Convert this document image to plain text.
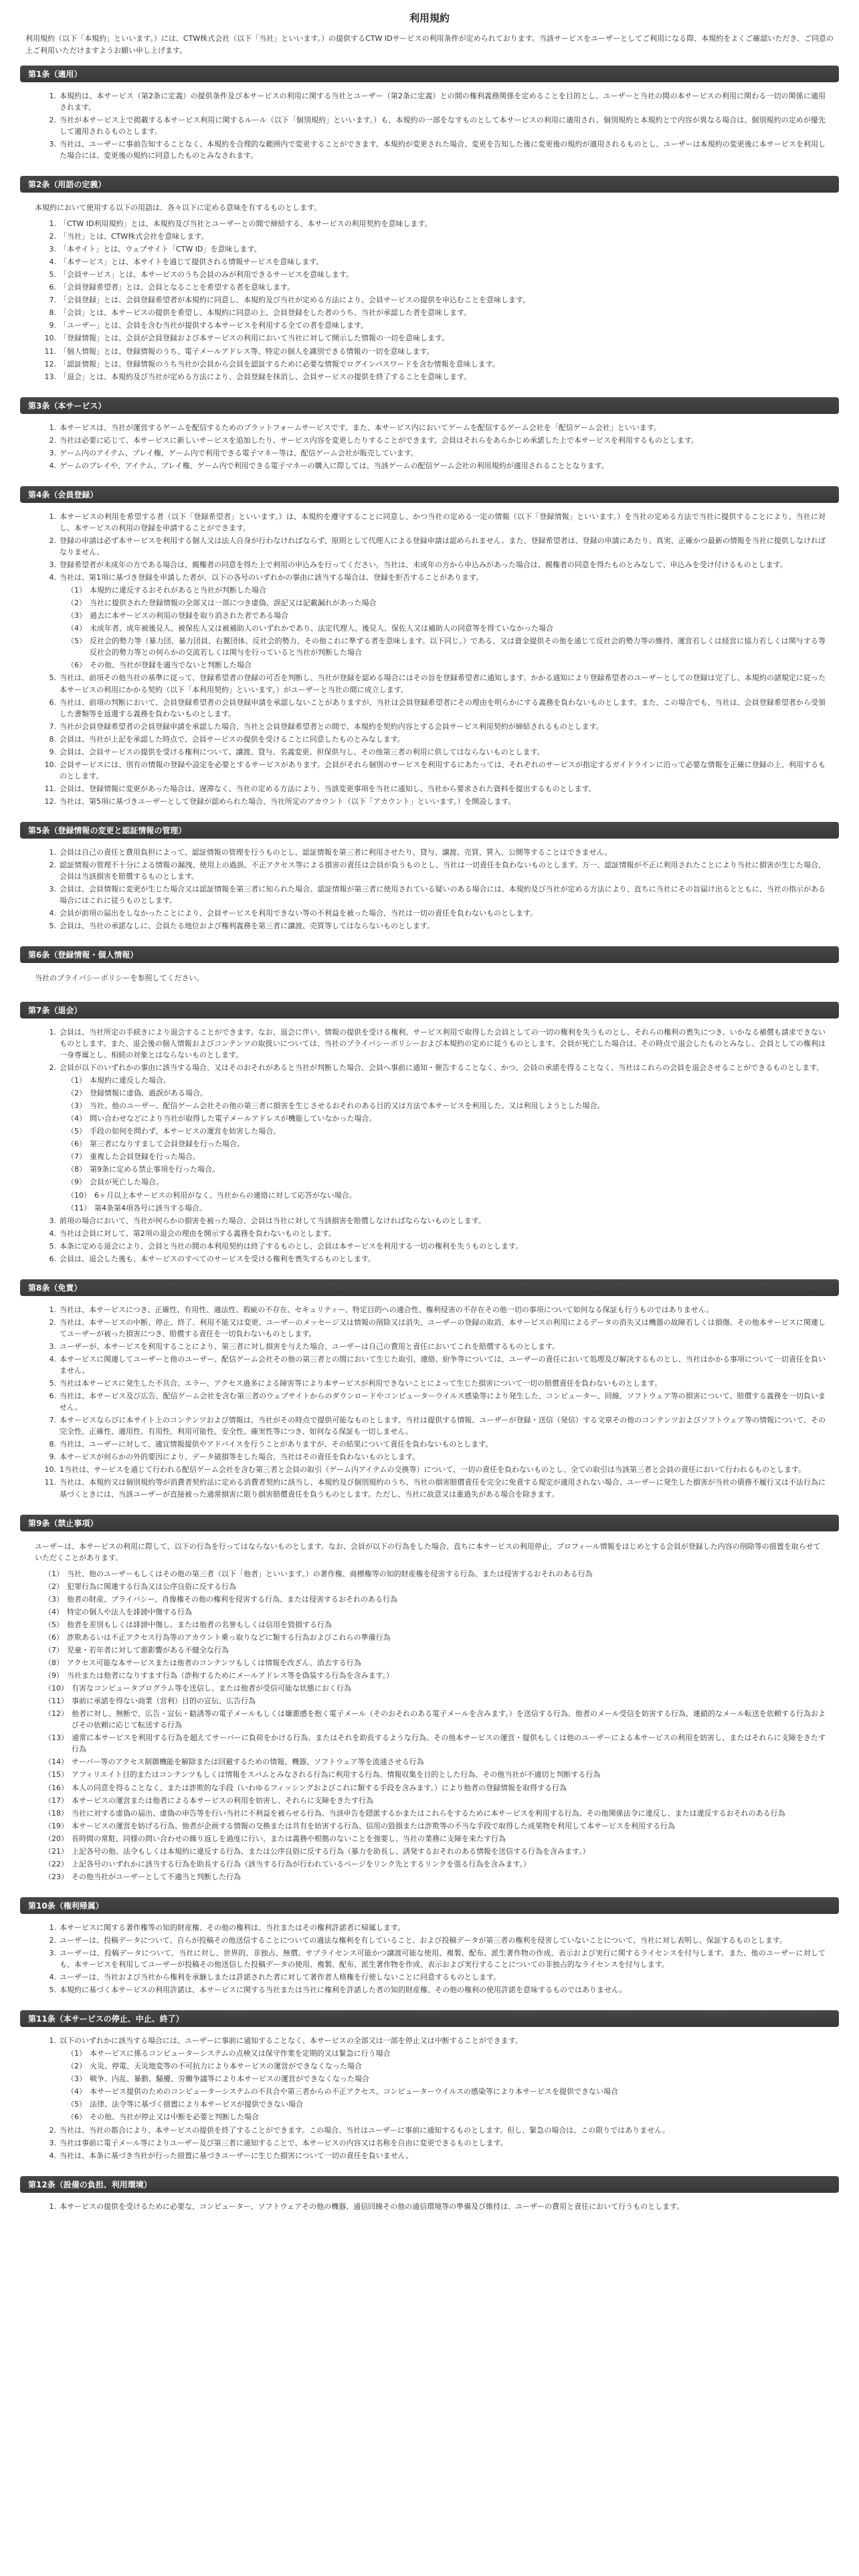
利用規約

利用規約（以下「本規約」といいます。）には、CTW株式会社（以下「当社」といいます。）の提供するCTW IDサービスの利用条件が定められております。当該サービスをユーザーとしてご利用になる際、本規約をよくご確認いただき、ご同意の上ご利用いただけますようお願い申し上げます。

第1条（適用）
1. 本規約は、本サービス（第2条に定義）の提供条件及び本サービスの利用に関する当社とユーザー（第2条に定義）との間の権利義務関係を定めることを目的とし、ユーザーと当社の間の本サービスの利用に関わる一切の関係に適用されます。
2. 当社が本サービス上で掲載する本サービス利用に関するルール（以下「個別規約」といいます。）も、本規約の一部をなすものとして本サービスの利用に適用され、個別規約と本規約とで内容が異なる場合は、個別規約の定めが優先して適用されるものとします。
3. 当社は、ユーザーに事前告知することなく、本規約を合理的な範囲内で変更することができます。本規約が変更された場合、変更を告知した後に変更後の規約が適用されるものとし、ユーザーは本規約の変更後に本サービスを利用した場合には、変更後の規約に同意したものとみなされます。
第2条（用語の定義）

本規約において使用する以下の用語は、各々以下に定める意味を有するものとします。

1. 「CTW ID利用規約」とは、本規約及び当社とユーザーとの間で締結する、本サービスの利用契約を意味します。
2. 「当社」とは、CTW株式会社を意味します。
3. 「本サイト」とは、ウェブサイト「CTW ID」を意味します。
4. 「本サービス」とは、本サイトを通じて提供される情報サービスを意味します。
5. 「会員サービス」とは、本サービスのうち会員のみが利用できるサービスを意味します。
6. 「会員登録希望者」とは、会員となることを希望する者を意味します。
7. 「会員登録」とは、会員登録希望者が本規約に同意し、本規約及び当社が定める方法により、会員サービスの提供を申込むことを意味します。
8. 「会員」とは、本サービスの提供を希望し、本規約に同意の上、会員登録をした者のうち、当社が承認した者を意味します。
9. 「ユーザー」とは、会員を含む当社が提供する本サービスを利用する全ての者を意味します。
10. 「登録情報」とは、会員が会員登録および本サービスの利用において当社に対して開示した情報の一切を意味します。
11. 「個人情報」とは、登録情報のうち、電子メールアドレス等、特定の個人を識別できる情報の一切を意味します。
12. 「認証情報」とは、登録情報のうち当社が会員から会員を認証するために必要な情報でログインパスワードを含む情報を意味します。
13. 「退会」とは、本規約及び当社が定める方法により、会員登録を抹消し、会員サービスの提供を終了することを意味します。
第3条（本サービス）
1. 本サービスは、当社が運営するゲームを配信するためのプラットフォームサービスです。また、本サービス内においてゲームを配信するゲーム会社を「配信ゲーム会社」といいます。
2. 当社は必要に応じて、本サービスに新しいサービスを追加したり、サービス内容を変更したりすることができます。会員はそれらをあらかじめ承諾した上で本サービスを利用するものとします。
3. ゲーム内のアイテム、プレイ権、ゲーム内で利用できる電子マネー等は、配信ゲーム会社が販売しています。
4. ゲームのプレイや、アイテム、プレイ権、ゲーム内で利用できる電子マネーの購入に際しては、当該ゲームの配信ゲーム会社の利用規約が適用されることとなります。
第4条（会員登録）
1. 本サービスの利用を希望する者（以下「登録希望者」といいます。）は、本規約を遵守することに同意し、かつ当社の定める一定の情報（以下「登録情報」といいます。）を当社の定める方法で当社に提供することにより、当社に対し、本サービスの利用の登録を申請することができます。
2. 登録の申請は必ず本サービスを利用する個人又は法人自身が行わなければならず、原則として代理人による登録申請は認められません。また、登録希望者は、登録の申請にあたり、真実、正確かつ最新の情報を当社に提供しなければなりません。
3. 登録希望者が未成年の方である場合は、親権者の同意を得た上で利用の申込みを行ってください。当社は、未成年の方から申込みがあった場合は、親権者の同意を得たものとみなして、申込みを受け付けるものとします。
4. 当社は、第1項に基づき登録を申請した者が、以下の各号のいずれかの事由に該当する場合は、登録を拒否することがあります。
（1） 本規約に違反するおそれがあると当社が判断した場合
（2） 当社に提供された登録情報の全部又は一部につき虚偽、誤記又は記載漏れがあった場合
（3） 過去に本サービスの利用の登録を取り消された者である場合
（4） 未成年者、成年被後見人、被保佐人又は被補助人のいずれかであり、法定代理人、後見人、保佐人又は補助人の同意等を得ていなかった場合
（5） 反社会的勢力等（暴力団、暴力団員、右翼団体、反社会的勢力、その他これに準ずる者を意味します。以下同じ。）である、又は資金提供その他を通じて反社会的勢力等の維持、運営若しくは経営に協力若しくは関与する等反社会的勢力等との何らかの交流若しくは関与を行っていると当社が判断した場合
（6） その他、当社が登録を適当でないと判断した場合
5. 当社は、前項その他当社の基準に従って、登録希望者の登録の可否を判断し、当社が登録を認める場合にはその旨を登録希望者に通知します。かかる通知により登録希望者のユーザーとしての登録は完了し、本規約の諸規定に従った本サービスの利用にかかる契約（以下「本利用契約」といいます。）がユーザーと当社の間に成立します。
6. 当社は、前項の判断において、会員登録希望者の会員登録申請を承認しないことがありますが、当社は会員登録希望者にその理由を明らかにする義務を負わないものとします。また、この場合でも、当社は、会員登録希望者から受領した書類等を返還する義務を負わないものとします。
7. 当社が会員登録希望者の会員登録申請を承認した場合、当社と会員登録希望者との間で、本規約を契約内容とする会員サービス利用契約が締結されるものとします。
8. 会員は、当社が上記を承認した時点で、会員サービスの提供を受けることに同意したものとみなします。
9. 会員は、会員サービスの提供を受ける権利について、譲渡、貸与、名義変更、担保供与し、その他第三者の利用に供してはならないものとします。
10. 会員サービスには、別有の情報の登録や設定を必要とするサービスがあります。会員がそれら個別のサービスを利用するにあたっては、それぞれのサービスが指定するガイドラインに沿って必要な情報を正確に登録の上、利用するものとします。
11. 会員は、登録情報に変更があった場合は、遅滞なく、当社の定める方法により、当該変更事項を当社に通知し、当社から要求された資料を提出するものとします。
12. 当社は、第5項に基づきユーザーとして登録が認められた場合、当社所定のアカウント（以下「アカウント」といいます。）を開設します。
第5条（登録情報の変更と認証情報の管理）
1. 会員は自己の責任と費用負担によって、認証情報の管理を行うものとし、認証情報を第三者に利用させたり、貸与、譲渡、売買、質入、公開等することはできません。
2. 認証情報の管理不十分による情報の漏洩、使用上の過誤、不正アクセス等による損害の責任は会員が負うものとし、当社は一切責任を負わないものとします。万一、認証情報が不正に利用されたことにより当社に損害が生じた場合、会員は当該損害を賠償するものとします。
3. 会員は、会員情報に変更が生じた場合又は認証情報を第三者に知られた場合、認証情報が第三者に使用されている疑いのある場合には、本規約及び当社が定める方法により、直ちに当社にその旨届け出るとともに、当社の指示がある場合にはこれに従うものとします。
4. 会員が前項の届出をしなかったことにより、会員サービスを利用できない等の不利益を被った場合、当社は一切の責任を負わないものとします。
5. 会員は、当社の承諾なしに、会員たる地位および権利義務を第三者に譲渡、売買等してはならないものとします。
第6条（登録情報・個人情報）

当社のプライバシーポリシーを参照してください。

第7条（退会）
1. 会員は、当社所定の手続きにより退会することができます。なお、退会に伴い、情報の提供を受ける権利、サービス利用で取得した会員としての一切の権利を失うものとし、それらの権利の喪失につき、いかなる補償も請求できないものとします。また、退会後の個人情報およびコンテンツの取扱いについては、当社のプライバシーポリシーおよび本規約の定めに従うものとします。会員が死亡した場合は、その時点で退会したものとみなし、会員としての権利は一身専属とし、相続の対象とはならないものとします。
2. 会員が以下のいずれかの事由に該当する場合、又はそのおそれがあると当社が判断した場合、会員へ事前に通知・催告することなく、かつ、会員の承諾を得ることなく、当社はこれらの会員を退会させることができるものとします。
（1） 本規約に違反した場合。
（2） 登録情報に虚偽、過誤がある場合。
（3） 当社、他のユーザー、配信ゲーム会社その他の第三者に損害を生じさせるおそれのある目的又は方法で本サービスを利用した、又は利用しようとした場合。
（4） 問い合わせなどにより当社が取得した電子メールアドレスが機能していなかった場合。
（5） 手段の如何を問わず、本サービスの運営を妨害した場合。
（6） 第三者になりすまして会員登録を行った場合。
（7） 重複した会員登録を行った場合。
（8） 第9条に定める禁止事項を行った場合。
（9） 会員が死亡した場合。
（10） 6ヶ月以上本サービスの利用がなく、当社からの連絡に対して応答がない場合。
（11） 第4条第4項各号に該当する場合。
3. 前項の場合において、当社が何らかの損害を被った場合、会員は当社に対して当該損害を賠償しなければならないものとします。
4. 当社は会員に対して、第2項の退会の理由を開示する義務を負わないものとします。
5. 本条に定める退会により、会員と当社の間の本利用契約は終了するものとし、会員は本サービスを利用する一切の権利を失うものとします。
6. 会員は、退会した後も、本サービスのすべてのサービスを受ける権利を喪失するものとします。
第8条（免責）
1. 当社は、本サービスにつき、正確性、有用性、適法性、瑕疵の不存在、セキュリティー、特定目的への適合性、権利侵害の不存在その他一切の事項について如何なる保証も行うものではありません。
2. 当社は、本サービスの中断、停止、終了、利用不能又は変更、ユーザーのメッセージ又は情報の削除又は消失、ユーザーの登録の取消、本サービスの利用によるデータの消失又は機器の故障若しくは損傷、その他本サービスに関連してユーザーが被った損害につき、賠償する責任を一切負わないものとします。
3. ユーザーが、本サービスを利用することにより、第三者に対し損害を与えた場合、ユーザーは自己の費用と責任においてこれを賠償するものとします。
4. 本サービスに関連してユーザーと他のユーザー、配信ゲーム会社その他の第三者との間において生じた取引、連絡、紛争等については、ユーザーの責任において処理及び解決するものとし、当社はかかる事項について一切責任を負いません。
5. 当社は本サービスに発生した不具合、エラー、アクセス過多による障害等により本サービスが利用できないことによって生じた損害について一切の賠償責任を負わないものとします。
6. 当社は、本サービス及び広告、配信ゲーム会社を含む第三者のウェブサイトからのダウンロードやコンピューターウイルス感染等により発生した、コンピューター、回線、ソフトウェア等の損害について、賠償する義務を一切負いません。
7. 本サービスならびに本サイト上のコンテンツおよび情報は、当社がその時点で提供可能なものとします。当社は提供する情報、ユーザーが登録・送信（発信）する文章その他のコンテンツおよびソフトウェア等の情報について、その完全性、正確性、適用性、有用性、利用可能性、安全性、確実性等につき、如何なる保証も一切しません。
8. 当社は、ユーザーに対して、適宜情報提供やアドバイスを行うことがありますが、その結果について責任を負わないものとします。
9. 本サービスが何らかの外的要因により、データ破損等をした場合、当社はその責任を負わないものとします。
10. 1当社は、サービスを通じて行われる配信ゲーム会社を含む第三者と会員の取引（ゲーム内アイテムの交換等）について、一切の責任を負わないものとし、全ての取引は当該第三者と会員の責任において行われるものとします。
11. 当社は、本規約又は個別規約等が消費者契約法に定める消費者契約に該当し、本規約及び個別規約のうち、当社の損害賠償責任を完全に免責する規定が適用されない場合、ユーザーに発生した損害が当社の債務不履行又は不法行為に基づくときには、当該ユーザーが直接被った通常損害に限り損害賠償責任を負うものとします。ただし、当社に故意又は重過失がある場合を除きます。
第9条（禁止事項）

ユーザーは、本サービスの利用に際して、以下の行為を行ってはならないものとします。なお、会員が以下の行為をした場合、直ちに本サービスの利用停止、プロフィール情報をはじめとする会員が登録した内容の削除等の措置を取らせていただくことがあります。

（1） 当社、他のユーザーもしくはその他の第三者（以下「他者」といいます。）の著作権、商標権等の知的財産権を侵害する行為、または侵害するおそれのある行為
（2） 犯罪行為に関連する行為又は公序良俗に反する行為
（3） 他者の財産、プライバシー、肖像権その他の権利を侵害する行為、または侵害するおそれのある行為
（4） 特定の個人や法人を誹謗中傷する行為
（5） 他者を差別もしくは誹謗中傷し、または他者の名誉もしくは信用を毀損する行為
（6） 詐欺あるいは不正アクセス行為等のアカウント乗っ取りなどに類する行為およびこれらの準備行為
（7） 児童・若年者に対して悪影響がある不健全な行為
（8） アクセス可能な本サービスまたは他者のコンテンツもしくは情報を改ざん、消去する行為
（9） 当社または他者になりすます行為（詐称するためにメールアドレス等を偽装する行為を含みます。）
（10） 有害なコンピュータプログラム等を送信し、または他者が受信可能な状態におく行為
（11） 事前に承諾を得ない商業（営利）目的の宣伝、広告行為
（12） 他者に対し、無断で、広告・宣伝・勧誘等の電子メールもしくは嫌悪感を抱く電子メール（そのおそれのある電子メールを含みます。）を送信する行為、他者のメール受信を妨害する行為、連鎖的なメール転送を依頼する行為およびその依頼に応じて転送する行為
（13） 通常に本サービスを利用する行為を超えてサーバーに負荷をかける行為、またはそれを助長するような行為、その他本サービスの運営・提供もしくは他のユーザーによる本サービスの利用を妨害し、またはそれらに支障をきたす行為
（14） サーバー等のアクセス制御機能を解除または回避するための情報、機器、ソフトウェア等を流通させる行為
（15） アフィリエイト目的またはコンテンツもしくは情報をスパムとみなされる行為に利用する行為、情報収集を目的とした行為、その他当社が不適切と判断する行為
（16） 本人の同意を得ることなく、または詐欺的な手段（いわゆるフィッシングおよびこれに類する手段を含みます。）により他者の登録情報を取得する行為
（17） 本サービスの運営または他者による本サービスの利用を妨害し、それらに支障をきたす行為
（18） 当社に対する虚偽の届出、虚偽の申告等を行い当社に不利益を被らせる行為、当該申告を隠匿するかまたはこれらをするために本サービスを利用する行為、その他関係法令に違反し、または違反するおそれのある行為
（19） 本サービスの運営を妨げる行為、他者が企画する情報の交換または共有を妨害する行為、信用の毀損または詐欺等の不当な手段で取得した成果物を利用して本サービスを利用する行為
（20） 長時間の常駐、同様の問い合わせの繰り返しを過度に行い、または義務や根拠のないことを強要し、当社の業務に支障を来たす行為
（21） 上記各号の他、法令もしくは本規約に違反する行為、または公序良俗に反する行為（暴力を助長し、誘発するおそれのある情報を送信する行為を含みます。）
（22） 上記各号のいずれかに該当する行為を助長する行為（該当する行為が行われているページをリンク先とするリンクを張る行為を含みます。）
（23） その他当社がユーザーとして不適当と判断した行為
第10条（権利帰属）
1. 本サービスに関する著作権等の知的財産権、その他の権利は、当社またはその権利許諾者に帰属します。
2. ユーザーは、投稿データについて、自らが投稿その他送信することについての適法な権利を有していること、および投稿データが第三者の権利を侵害していないことについて、当社に対し表明し、保証するものとします。
3. ユーザーは、投稿データについて、当社に対し、世界的、非独占、無償、サブライセンス可能かつ譲渡可能な使用、複製、配布、派生著作物の作成、表示および実行に関するライセンスを付与します。また、他のユーザーに対しても、本サービスを利用してユーザーが投稿その他送信した投稿データの使用、複製、配布、派生著作物を作成、表示および実行することについての非独占的なライセンスを付与します。
4. ユーザーは、当社および当社から権利を承継しまたは許諾された者に対して著作者人格権を行使しないことに同意するものとします。
5. 本規約に基づく本サービスの利用許諾は、本サービスに関する当社または当社に権利を許諾した者の知的財産権、その他の権利の使用許諾を意味するものではありません。
第11条（本サービスの停止、中止、終了）
1. 以下のいずれかに該当する場合には、ユーザーに事前に通知することなく、本サービスの全部又は一部を停止又は中断することができます。
（1） 本サービスに係るコンピューターシステムの点検又は保守作業を定期的又は緊急に行う場合
（2） 火災、停電、天災地変等の不可抗力により本サービスの運営ができなくなった場合
（3） 戦争、内乱、暴動、騒擾、労働争議等により本サービスの運営ができなくなった場合
（4） 本サービス提供のためのコンピューターシステムの不具合や第三者からの不正アクセス、コンピューターウイルスの感染等により本サービスを提供できない場合
（5） 法律、法令等に基づく措置により本サービスが提供できない場合
（6） その他、当社が停止又は中断を必要と判断した場合
2. 当社は、当社の都合により、本サービスの提供を終了することができます。この場合、当社はユーザーに事前に通知するものとします。但し、緊急の場合は、この限りではありません。
3. 当社は事前に電子メール等によりユーザー及び第三者に通知することで、本サービスの内容又は名称を自由に変更できるものとします。
4. 当社は、本条に基づき当社が行った措置に基づきユーザーに生じた損害について一切の責任を負いません。
第12条（設備の負担、利用環境）
1. 本サービスの提供を受けるために必要な、コンピューター、ソフトウェアその他の機器、通信回線その他の通信環境等の準備及び維持は、ユーザーの費用と責任において行うものとします。
